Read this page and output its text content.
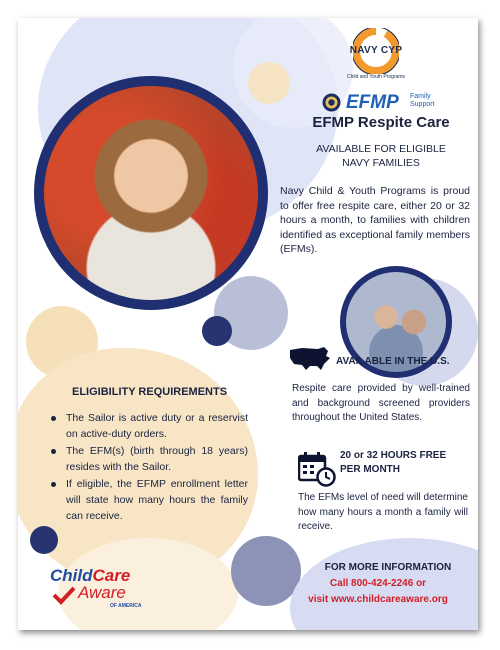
NAVY CYP
Child and Youth Programs
EFMP Family
Support
EFMP Respite Care
AVAILABLE FOR ELIGIBLE
NAVY FAMILIES
Navy Child & Youth Programs is proud to offer free respite care, either 20 or 32 hours a month, to families with children identified as exceptional family members (EFMs).
AVAILABLE IN THE U.S.
Respite care provided by well-trained and background screened providers throughout the United States.
20 or 32 HOURS FREE
PER MONTH
The EFMs level of need will determine how many hours a month a family will receive.
ELIGIBILITY REQUIREMENTS
The Sailor is active duty or a reservist on active-duty orders.
The EFM(s) (birth through 18 years) resides with the Sailor.
If eligible, the EFMP enrollment letter will state how many hours the family can receive.
FOR MORE INFORMATION
Call 800-424-2246 or
visit www.childcareaware.org
ChildCare
Aware
OF AMERICA
